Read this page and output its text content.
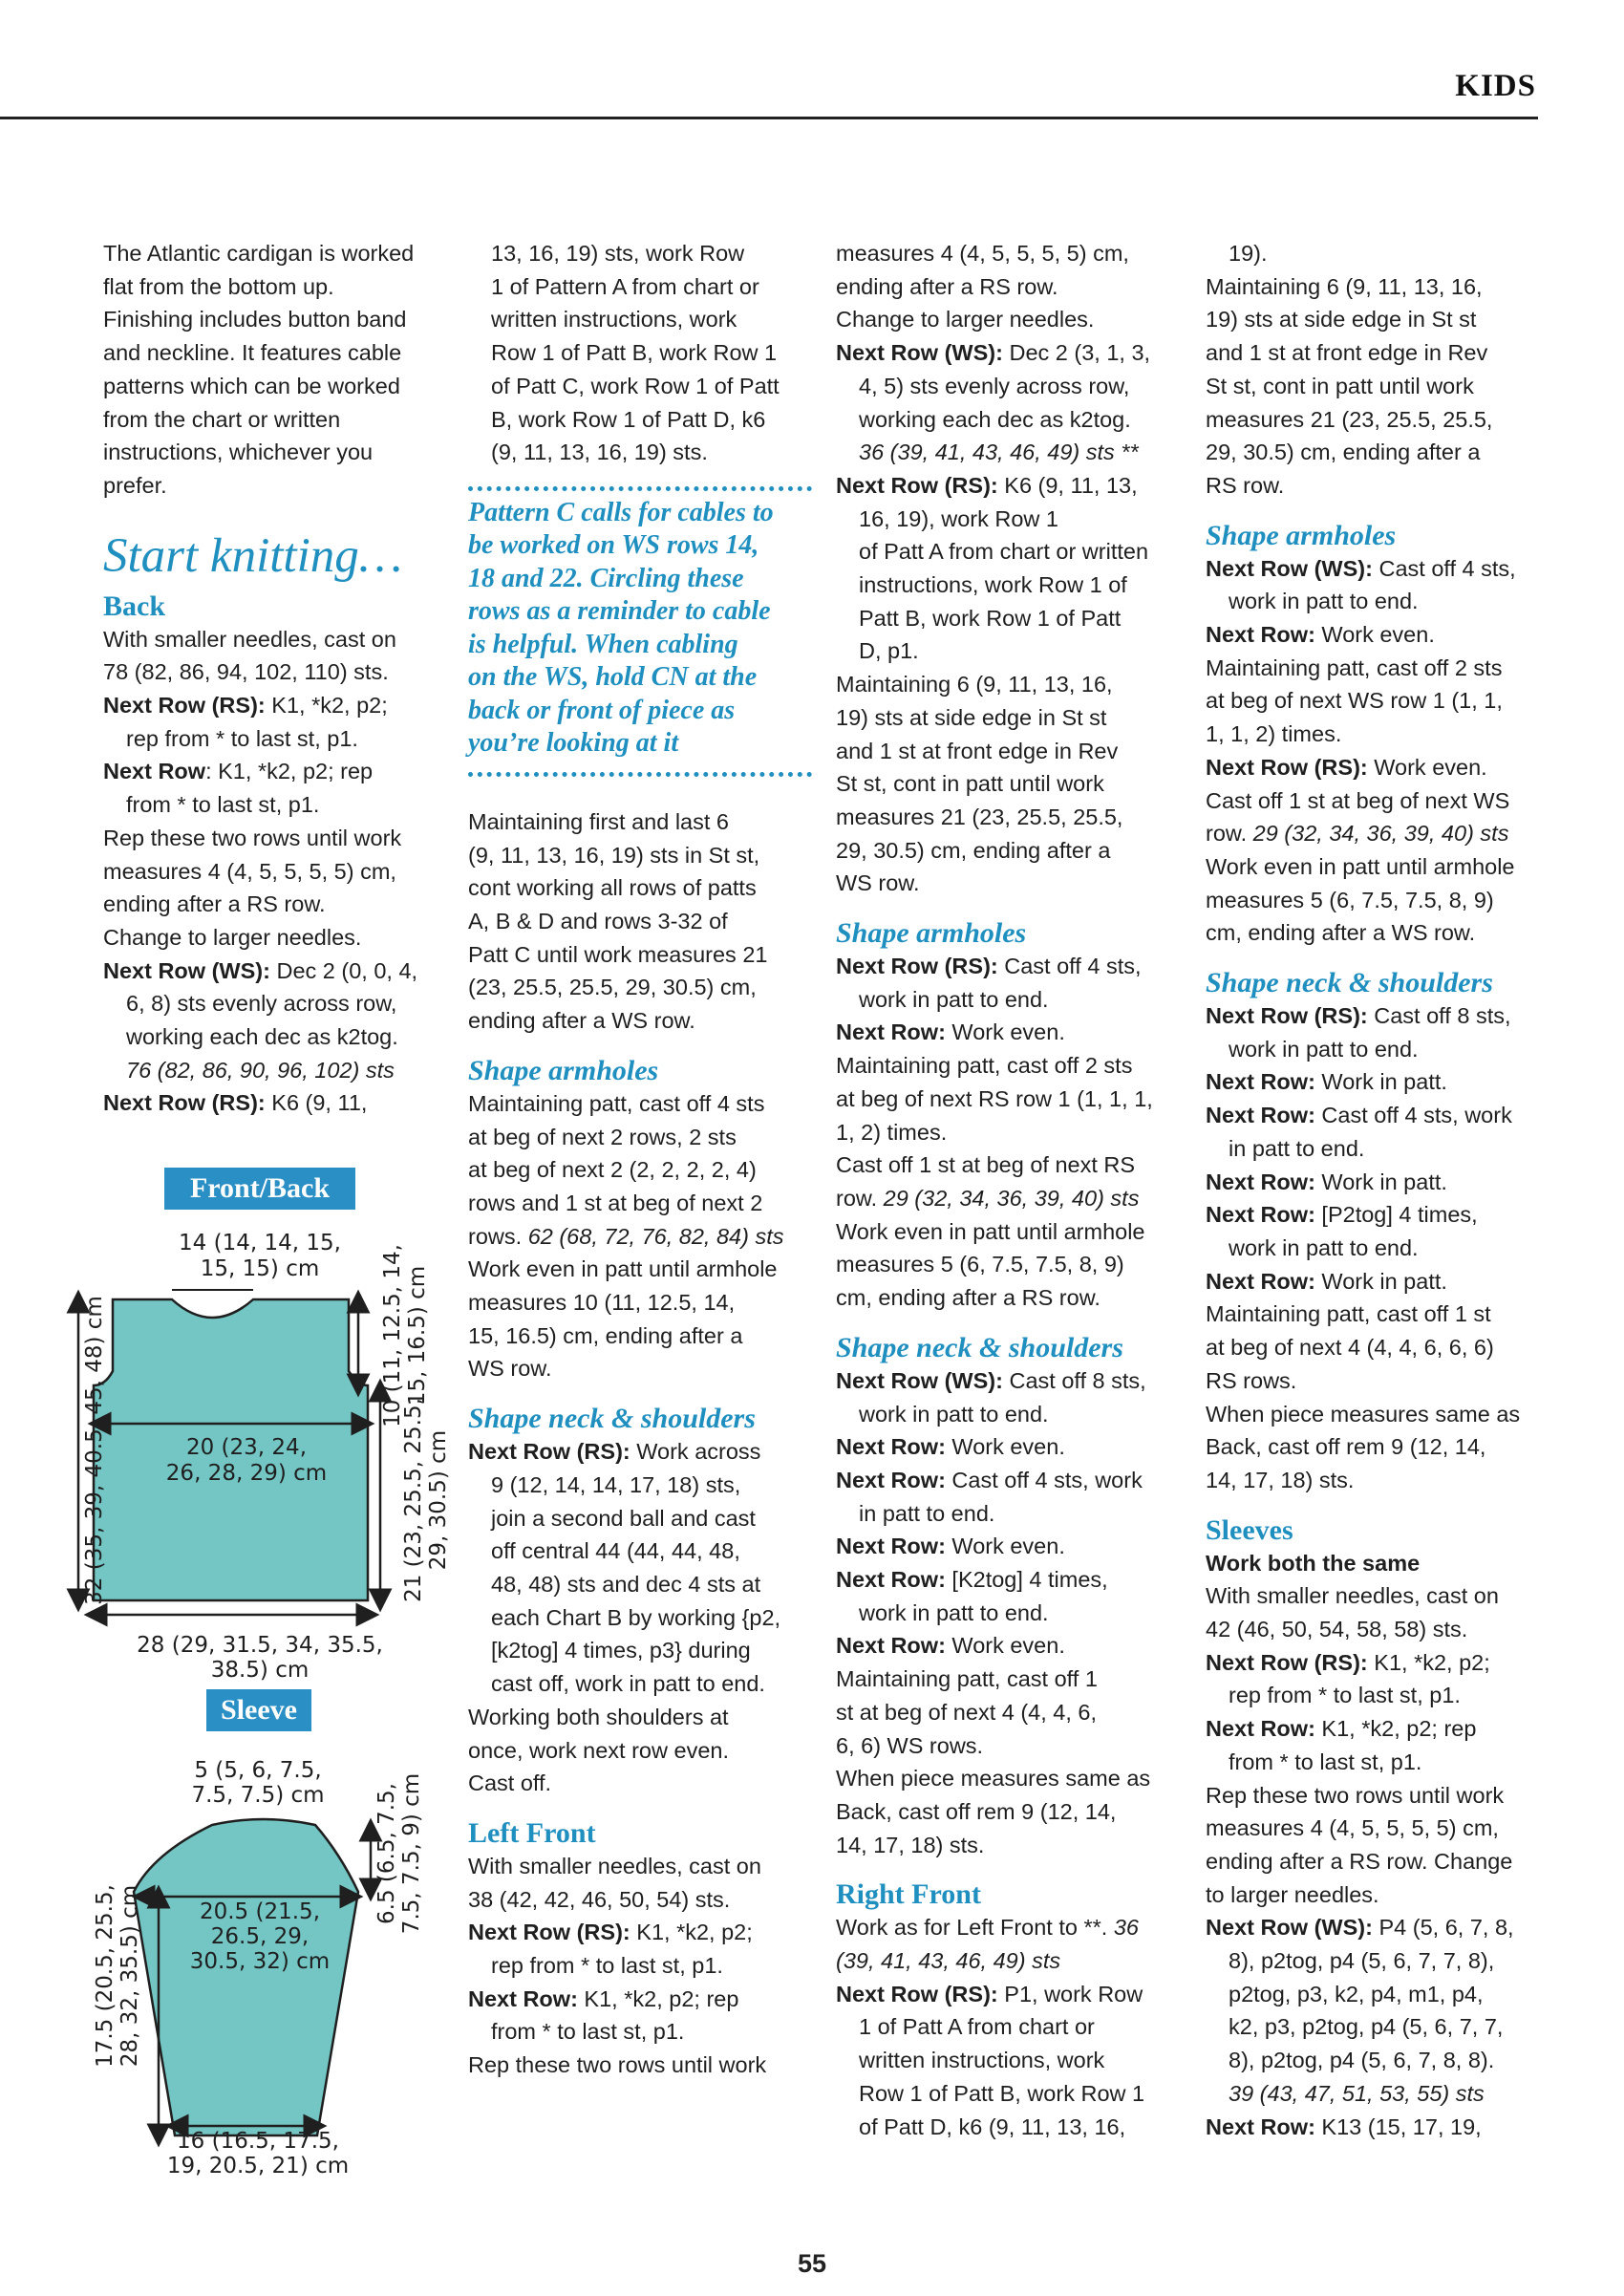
KIDS
Front/Back
Sleeve
14 (14, 14, 15,
15, 15) cm
20 (23, 24,
26, 28, 29) cm
28 (29, 31.5, 34, 35.5,
38.5) cm
32 (35, 39, 40.5, 45, 48) cm	10 (11, 12.5, 14, 15, 16.5) cm
21 (23, 25.5, 25.5, 29, 30.5) cm
5 (5, 6, 7.5,
7.5, 7.5) cm
20.5 (21.5,
26.5, 29,
30.5, 32) cm
6.5 (6.5, 7.5, 7.5, 7.5, 9) cm
17.5 (20.5, 25.5, 28, 32, 35.5) cm
16 (16.5, 17.5,
19, 20.5, 21) cm

The Atlantic cardigan is worked

flat from the bottom up.

Finishing includes button band

and neckline. It features cable

patterns which can be worked

from the chart or written

instructions, whichever you

prefer.

Start knitting…

Back

With smaller needles, cast on

78 (82, 86, 94, 102, 110) sts.

Next Row (RS): K1, *k2, p2;

rep from * to last st, p1.

Next Row: K1, *k2, p2; rep

from * to last st, p1.

Rep these two rows until work

measures 4 (4, 5, 5, 5, 5) cm,

ending after a RS row.

Change to larger needles.

Next Row (WS): Dec 2 (0, 0, 4,

6, 8) sts evenly across row,

working each dec as k2tog.

76 (82, 86, 90, 96, 102) sts

Next Row (RS): K6 (9, 11,

13, 16, 19) sts, work Row

1 of Pattern A from chart or

written instructions, work

Row 1 of Patt B, work Row 1

of Patt C, work Row 1 of Patt

B, work Row 1 of Patt D, k6

(9, 11, 13, 16, 19) sts.

Pattern C calls for cables to

be worked on WS rows 14,

18 and 22. Circling these

rows as a reminder to cable

is helpful. When cabling

on the WS, hold CN at the

back or front of piece as

you’re looking at it

Maintaining first and last 6

(9, 11, 13, 16, 19) sts in St st,

cont working all rows of patts

A, B & D and rows 3-32 of

Patt C until work measures 21

(23, 25.5, 25.5, 29, 30.5) cm,

ending after a WS row.

Shape armholes

Maintaining patt, cast off 4 sts

at beg of next 2 rows, 2 sts

at beg of next 2 (2, 2, 2, 2, 4)

rows and 1 st at beg of next 2

rows. 62 (68, 72, 76, 82, 84) sts

Work even in patt until armhole

measures 10 (11, 12.5, 14,

15, 16.5) cm, ending after a

WS row.

Shape neck & shoulders

Next Row (RS): Work across

9 (12, 14, 14, 17, 18) sts,

join a second ball and cast

off central 44 (44, 44, 48,

48, 48) sts and dec 4 sts at

each Chart B by working {p2,

[k2tog] 4 times, p3} during

cast off, work in patt to end.

Working both shoulders at

once, work next row even.

Cast off.

Left Front

With smaller needles, cast on

38 (42, 42, 46, 50, 54) sts.

Next Row (RS): K1, *k2, p2;

rep from * to last st, p1.

Next Row: K1, *k2, p2; rep

from * to last st, p1.

Rep these two rows until work

measures 4 (4, 5, 5, 5, 5) cm,

ending after a RS row.

Change to larger needles.

Next Row (WS): Dec 2 (3, 1, 3,

4, 5) sts evenly across row,

working each dec as k2tog.

36 (39, 41, 43, 46, 49) sts **

Next Row (RS): K6 (9, 11, 13,

16, 19), work Row 1

of Patt A from chart or written

instructions, work Row 1 of

Patt B, work Row 1 of Patt

D, p1.

Maintaining 6 (9, 11, 13, 16,

19) sts at side edge in St st

and 1 st at front edge in Rev

St st, cont in patt until work

measures 21 (23, 25.5, 25.5,

29, 30.5) cm, ending after a

WS row.

Shape armholes

Next Row (RS): Cast off 4 sts,

work in patt to end.

Next Row: Work even.

Maintaining patt, cast off 2 sts

at beg of next RS row 1 (1, 1, 1,

1, 2) times.

Cast off 1 st at beg of next RS

row. 29 (32, 34, 36, 39, 40) sts

Work even in patt until armhole

measures 5 (6, 7.5, 7.5, 8, 9)

cm, ending after a RS row.

Shape neck & shoulders

Next Row (WS): Cast off 8 sts,

work in patt to end.

Next Row: Work even.

Next Row: Cast off 4 sts, work

in patt to end.

Next Row: Work even.

Next Row: [K2tog] 4 times,

work in patt to end.

Next Row: Work even.

Maintaining patt, cast off 1

st at beg of next 4 (4, 4, 6,

6, 6) WS rows.

When piece measures same as

Back, cast off rem 9 (12, 14,

14, 17, 18) sts.

Right Front

Work as for Left Front to **. 36

(39, 41, 43, 46, 49) sts

Next Row (RS): P1, work Row

1 of Patt A from chart or

written instructions, work

Row 1 of Patt B, work Row 1

of Patt D, k6 (9, 11, 13, 16,

19).

Maintaining 6 (9, 11, 13, 16,

19) sts at side edge in St st

and 1 st at front edge in Rev

St st, cont in patt until work

measures 21 (23, 25.5, 25.5,

29, 30.5) cm, ending after a

RS row.

Shape armholes

Next Row (WS): Cast off 4 sts,

work in patt to end.

Next Row: Work even.

Maintaining patt, cast off 2 sts

at beg of next WS row 1 (1, 1,

1, 1, 2) times.

Next Row (RS): Work even.

Cast off 1 st at beg of next WS

row. 29 (32, 34, 36, 39, 40) sts

Work even in patt until armhole

measures 5 (6, 7.5, 7.5, 8, 9)

cm, ending after a WS row.

Shape neck & shoulders

Next Row (RS): Cast off 8 sts,

work in patt to end.

Next Row: Work in patt.

Next Row: Cast off 4 sts, work

in patt to end.

Next Row: Work in patt.

Next Row: [P2tog] 4 times,

work in patt to end.

Next Row: Work in patt.

Maintaining patt, cast off 1 st

at beg of next 4 (4, 4, 6, 6, 6)

RS rows.

When piece measures same as

Back, cast off rem 9 (12, 14,

14, 17, 18) sts.

Sleeves

Work both the same

With smaller needles, cast on

42 (46, 50, 54, 58, 58) sts.

Next Row (RS): K1, *k2, p2;

rep from * to last st, p1.

Next Row: K1, *k2, p2; rep

from * to last st, p1.

Rep these two rows until work

measures 4 (4, 5, 5, 5, 5) cm,

ending after a RS row. Change

to larger needles.

Next Row (WS): P4 (5, 6, 7, 8,

8), p2tog, p4 (5, 6, 7, 7, 8),

p2tog, p3, k2, p4, m1, p4,

k2, p3, p2tog, p4 (5, 6, 7, 7,

8), p2tog, p4 (5, 6, 7, 8, 8).

39 (43, 47, 51, 53, 55) sts

Next Row: K13 (15, 17, 19,

55
